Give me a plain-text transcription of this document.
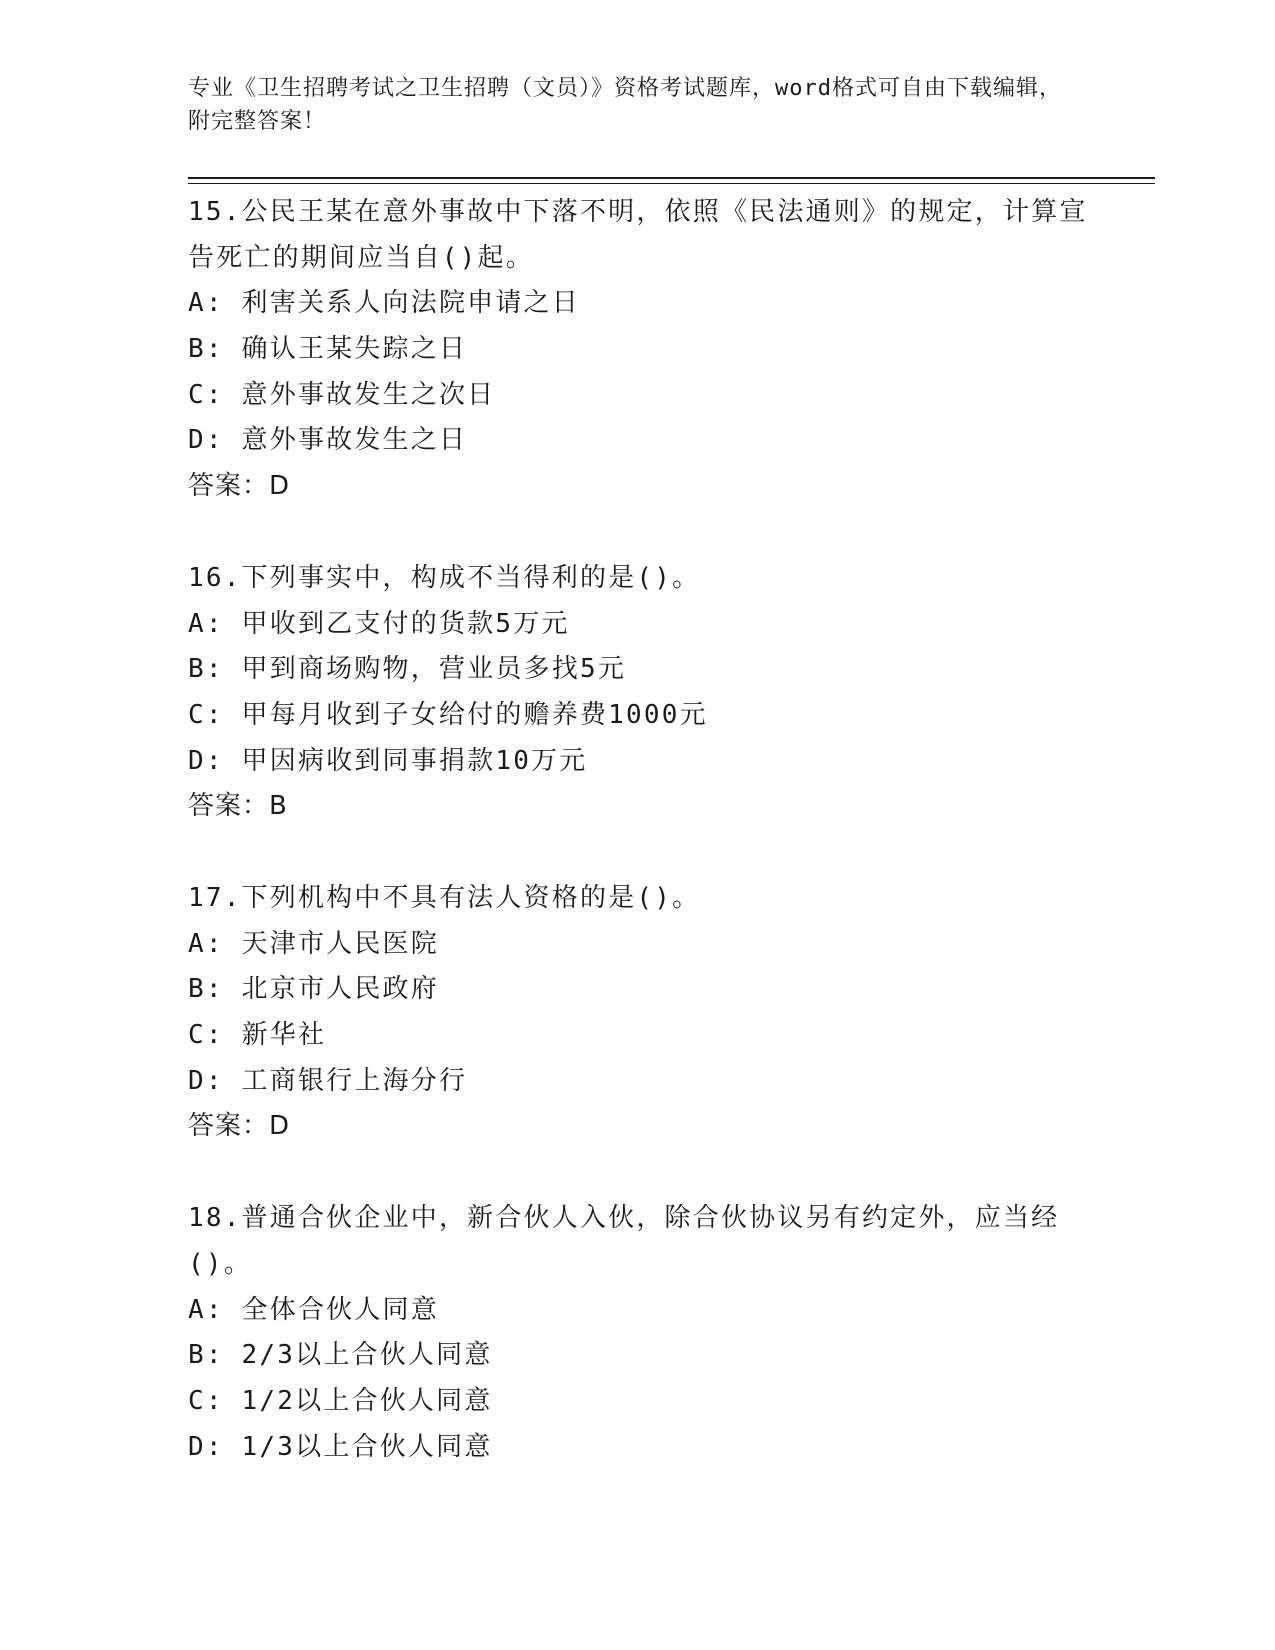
专业《卫生招聘考试之卫生招聘（文员）》资格考试题库，word格式可自由下载编辑，附完整答案！
15.公民王某在意外事故中下落不明，依照《民法通则》的规定，计算宣告死亡的期间应当自()起。
A: 利害关系人向法院申请之日
B: 确认王某失踪之日
C: 意外事故发生之次日
D: 意外事故发生之日
答案：D
16.下列事实中，构成不当得利的是()。
A: 甲收到乙支付的货款5万元
B: 甲到商场购物，营业员多找5元
C: 甲每月收到子女给付的赡养费1000元
D: 甲因病收到同事捐款10万元
答案：B
17.下列机构中不具有法人资格的是()。
A: 天津市人民医院
B: 北京市人民政府
C: 新华社
D: 工商银行上海分行
答案：D
18.普通合伙企业中，新合伙人入伙，除合伙协议另有约定外，应当经()。
A: 全体合伙人同意
B: 2/3以上合伙人同意
C: 1/2以上合伙人同意
D: 1/3以上合伙人同意
